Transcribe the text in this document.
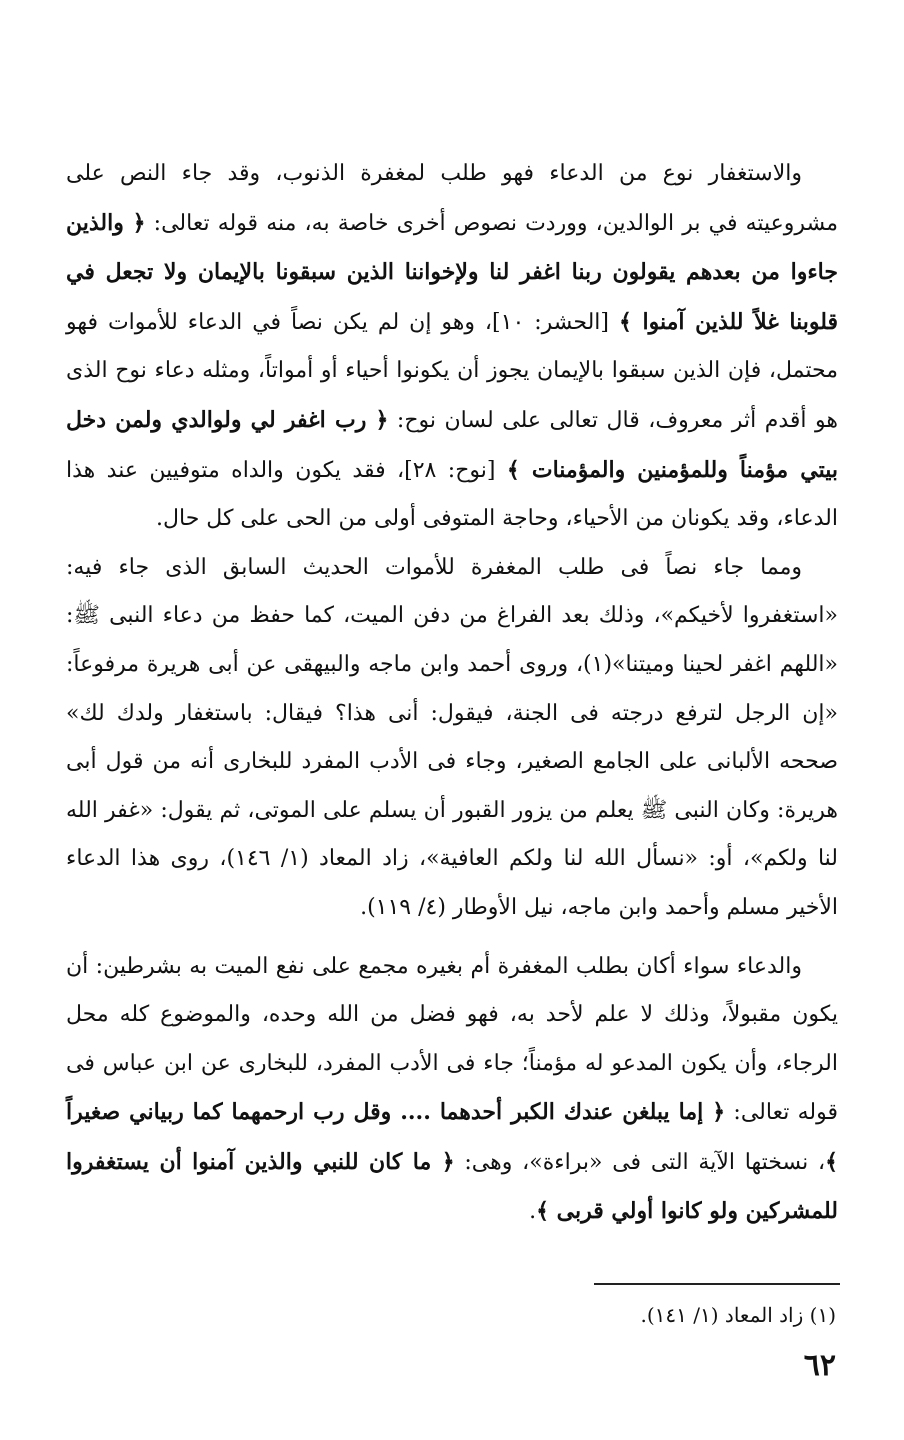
والاستغفار نوع من الدعاء فهو طلب لمغفرة الذنوب، وقد جاء النص على مشروعيته في بر الوالدين، ووردت نصوص أخرى خاصة به، منه قوله تعالى: ﴿ والذين جاءوا من بعدهم يقولون ربنا اغفر لنا ولإخواننا الذين سبقونا بالإيمان ولا تجعل في قلوبنا غلاً للذين آمنوا ﴾ [الحشر: ١٠]، وهو إن لم يكن نصاً في الدعاء للأموات فهو محتمل، فإن الذين سبقوا بالإيمان يجوز أن يكونوا أحياء أو أمواتاً، ومثله دعاء نوح الذى هو أقدم أثر معروف، قال تعالى على لسان نوح: ﴿ رب اغفر لي ولوالدي ولمن دخل بيتي مؤمناً وللمؤمنين والمؤمنات ﴾ [نوح: ٢٨]، فقد يكون والداه متوفيين عند هذا الدعاء، وقد يكونان من الأحياء، وحاجة المتوفى أولى من الحى على كل حال.

ومما جاء نصاً فى طلب المغفرة للأموات الحديث السابق الذى جاء فيه: «استغفروا لأخيكم»، وذلك بعد الفراغ من دفن الميت، كما حفظ من دعاء النبى ﷺ: «اللهم اغفر لحينا وميتنا»(١)، وروى أحمد وابن ماجه والبيهقى عن أبى هريرة مرفوعاً: «إن الرجل لترفع درجته فى الجنة، فيقول: أنى هذا؟ فيقال: باستغفار ولدك لك» صححه الألبانى على الجامع الصغير، وجاء فى الأدب المفرد للبخارى أنه من قول أبى هريرة: وكان النبى ﷺ يعلم من يزور القبور أن يسلم على الموتى، ثم يقول: «غفر الله لنا ولكم»، أو: «نسأل الله لنا ولكم العافية»، زاد المعاد (١/ ١٤٦)، روى هذا الدعاء الأخير مسلم وأحمد وابن ماجه، نيل الأوطار (٤/ ١١٩).

والدعاء سواء أكان بطلب المغفرة أم بغيره مجمع على نفع الميت به بشرطين: أن يكون مقبولاً، وذلك لا علم لأحد به، فهو فضل من الله وحده، والموضوع كله محل الرجاء، وأن يكون المدعو له مؤمناً؛ جاء فى الأدب المفرد، للبخارى عن ابن عباس فى قوله تعالى: ﴿ إما يبلغن عندك الكبر أحدهما .... وقل رب ارحمهما كما ربياني صغيراً ﴾، نسختها الآية التى فى «براءة»، وهى: ﴿ ما كان للنبي والذين آمنوا أن يستغفروا للمشركين ولو كانوا أولي قربى ﴾.

(١) زاد المعاد (١/ ١٤١).
٦٢
